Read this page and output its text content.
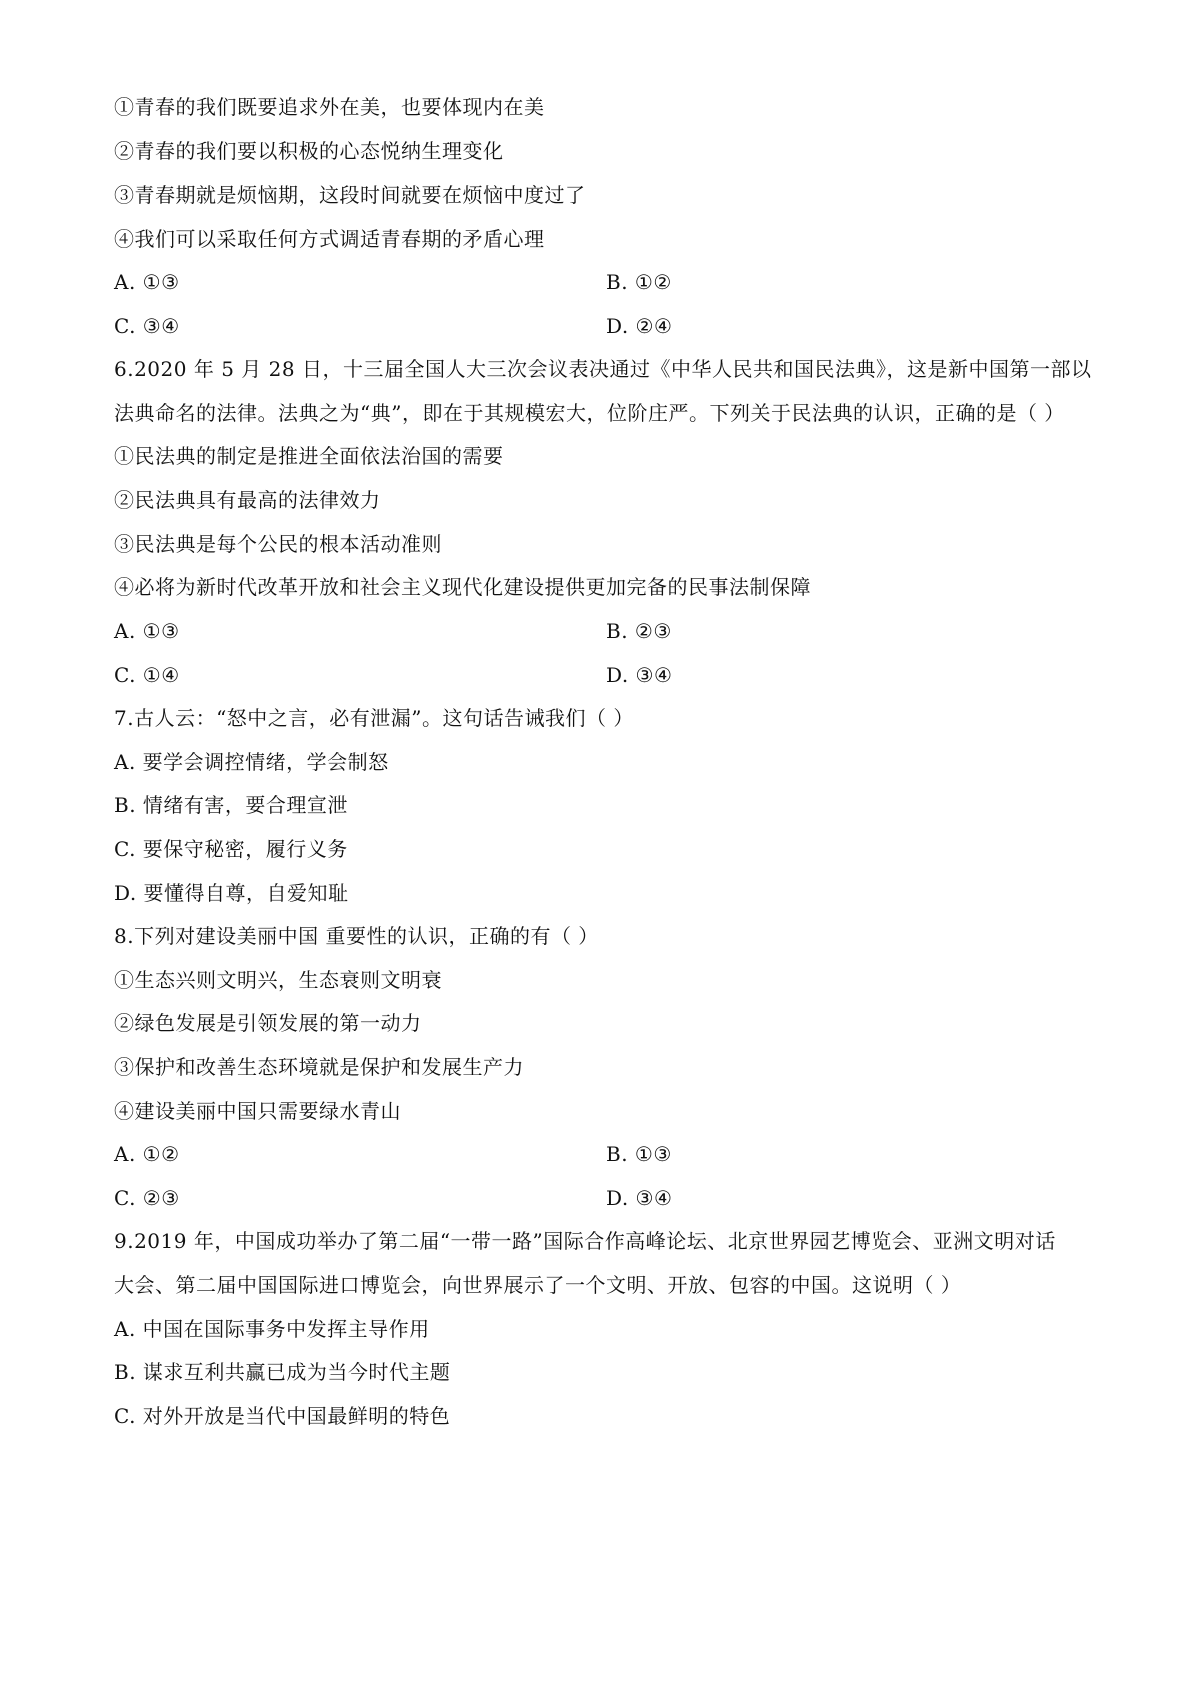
①青春的我们既要追求外在美，也要体现内在美
②青春的我们要以积极的心态悦纳生理变化
③青春期就是烦恼期，这段时间就要在烦恼中度过了
④我们可以采取任何方式调适青春期的矛盾心理
A. ①③	B. ①②
C. ③④	D. ②④
6.2020 年 5 月 28 日，十三届全国人大三次会议表决通过《中华人民共和国民法典》，这是新中国第一部以
法典命名的法律。法典之为“典”，即在于其规模宏大，位阶庄严。下列关于民法典的认识，正确的是（ ）
①民法典的制定是推进全面依法治国的需要
②民法典具有最高的法律效力
③民法典是每个公民的根本活动准则
④必将为新时代改革开放和社会主义现代化建设提供更加完备的民事法制保障
A. ①③	B. ②③
C. ①④	D. ③④
7.古人云：“怒中之言，必有泄漏”。这句话告诫我们（ ）
A. 要学会调控情绪，学会制怒
B. 情绪有害，要合理宣泄
C. 要保守秘密，履行义务
D. 要懂得自尊，自爱知耻
8.下列对建设美丽中国 重要性的认识，正确的有（ ）
①生态兴则文明兴，生态衰则文明衰
②绿色发展是引领发展的第一动力
③保护和改善生态环境就是保护和发展生产力
④建设美丽中国只需要绿水青山
A. ①②	B. ①③
C. ②③	D. ③④
9.2019 年，中国成功举办了第二届“一带一路”国际合作高峰论坛、北京世界园艺博览会、亚洲文明对话
大会、第二届中国国际进口博览会，向世界展示了一个文明、开放、包容的中国。这说明（ ）
A. 中国在国际事务中发挥主导作用
B. 谋求互利共赢已成为当今时代主题
C. 对外开放是当代中国最鲜明的特色
